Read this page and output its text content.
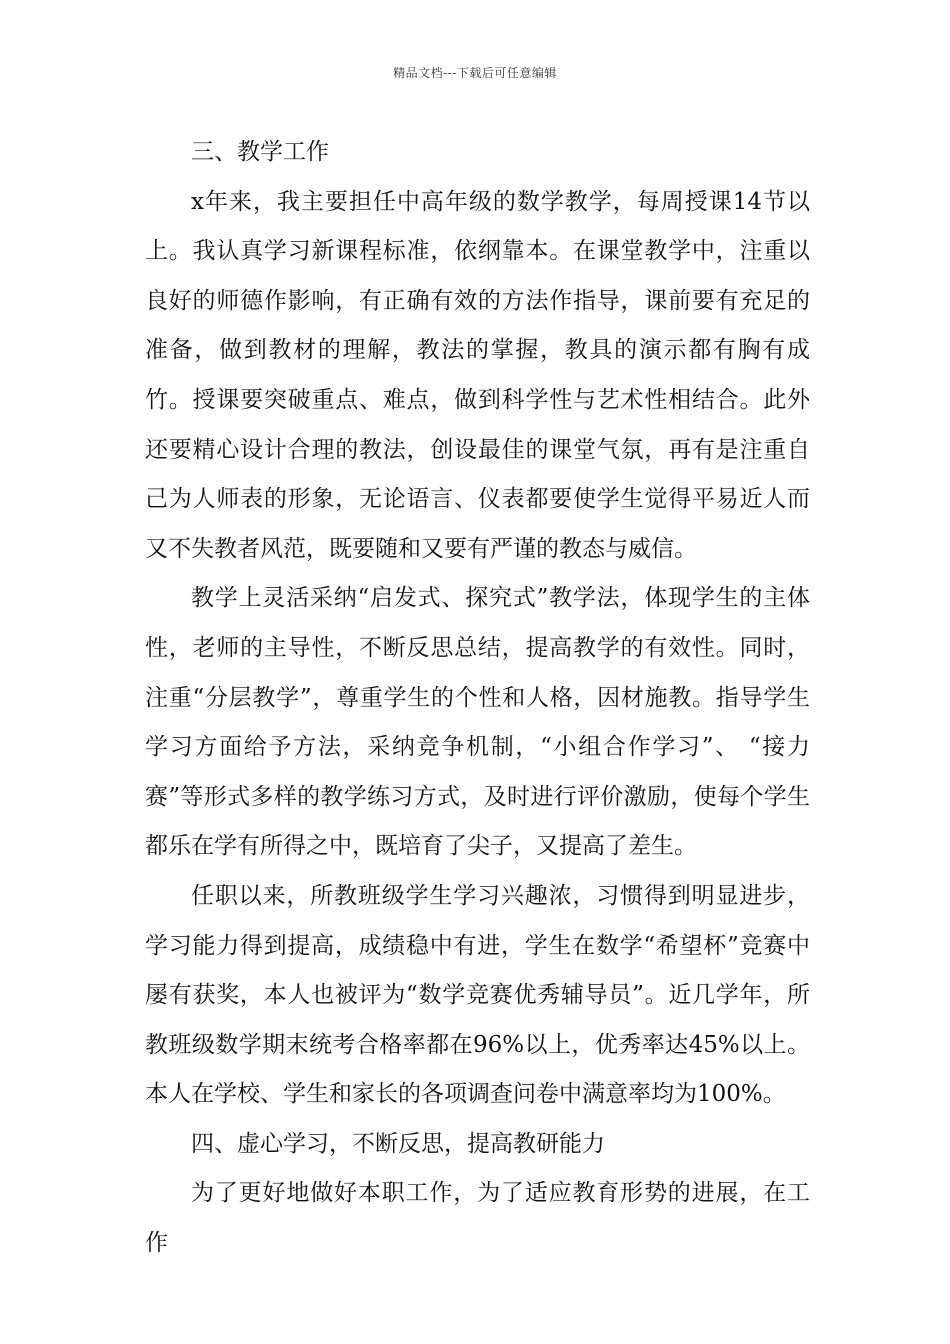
精品文档---下载后可任意编辑

三、教学工作

x年来，我主要担任中高年级的数学教学，每周授课14节以上。我认真学习新课程标准，依纲靠本。在课堂教学中，注重以良好的师德作影响，有正确有效的方法作指导，课前要有充足的准备，做到教材的理解，教法的掌握，教具的演示都有胸有成竹。授课要突破重点、难点，做到科学性与艺术性相结合。此外还要精心设计合理的教法，创设最佳的课堂气氛，再有是注重自己为人师表的形象，无论语言、仪表都要使学生觉得平易近人而又不失教者风范，既要随和又要有严谨的教态与威信。

教学上灵活采纳“启发式、探究式”教学法，体现学生的主体性，老师的主导性，不断反思总结，提高教学的有效性。同时，注重“分层教学”，尊重学生的个性和人格，因材施教。指导学生学习方面给予方法，采纳竞争机制，“小组合作学习”、 “接力赛”等形式多样的教学练习方式，及时进行评价激励，使每个学生都乐在学有所得之中，既培育了尖子，又提高了差生。

任职以来，所教班级学生学习兴趣浓，习惯得到明显进步，学习能力得到提高，成绩稳中有进，学生在数学“希望杯”竞赛中屡有获奖，本人也被评为“数学竞赛优秀辅导员”。近几学年，所教班级数学期末统考合格率都在96%以上，优秀率达45%以上。本人在学校、学生和家长的各项调查问卷中满意率均为100%。

四、虚心学习，不断反思，提高教研能力

为了更好地做好本职工作，为了适应教育形势的进展，在工作
